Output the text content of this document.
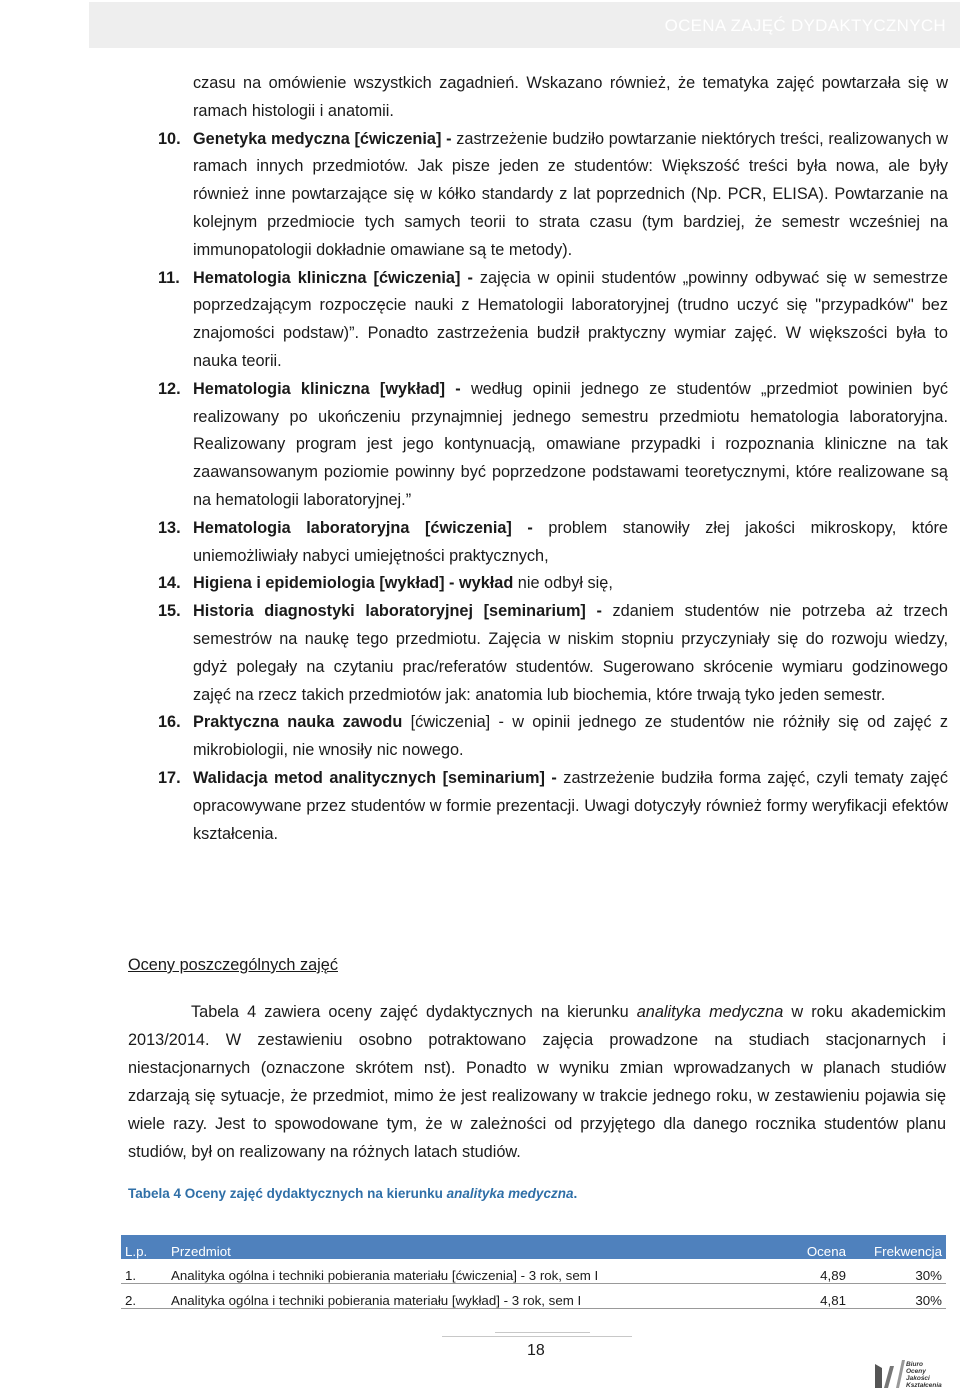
OCENA ZAJĘĆ DYDAKTYCZNYCH
czasu na omówienie wszystkich zagadnień. Wskazano również, że tematyka zajęć powtarzała się w ramach histologii i anatomii.
10. Genetyka medyczna [ćwiczenia] - zastrzeżenie budziło powtarzanie niektórych treści, realizowanych w ramach innych przedmiotów. Jak pisze jeden ze studentów: Większość treści była nowa, ale były również inne powtarzające się w kółko standardy z lat poprzednich (Np. PCR, ELISA). Powtarzanie na kolejnym przedmiocie tych samych teorii to strata czasu (tym bardziej, że semestr wcześniej na immunopatologii dokładnie omawiane są te metody).
11. Hematologia kliniczna [ćwiczenia] - zajęcia w opinii studentów „powinny odbywać się w semestrze poprzedzającym rozpoczęcie nauki z Hematologii laboratoryjnej (trudno uczyć się "przypadków" bez znajomości podstaw)”. Ponadto zastrzeżenia budził praktyczny wymiar zajęć. W większości była to nauka teorii.
12. Hematologia kliniczna [wykład] - według opinii jednego ze studentów „przedmiot powinien być realizowany po ukończeniu przynajmniej jednego semestru przedmiotu hematologia laboratoryjna. Realizowany program jest jego kontynuacją, omawiane przypadki i rozpoznania kliniczne na tak zaawansowanym poziomie powinny być poprzedzone podstawami teoretycznymi, które realizowane są na hematologii laboratoryjnej.”
13. Hematologia laboratoryjna [ćwiczenia] - problem stanowiły złej jakości mikroskopy, które uniemożliwiały nabyci umiejętności praktycznych,
14. Higiena i epidemiologia [wykład] - wykład nie odbył się,
15. Historia diagnostyki laboratoryjnej [seminarium] - zdaniem studentów nie potrzeba aż trzech semestrów na naukę tego przedmiotu. Zajęcia w niskim stopniu przyczyniały się do rozwoju wiedzy, gdyż polegały na czytaniu prac/referatów studentów. Sugerowano skrócenie wymiaru godzinowego zajęć na rzecz takich przedmiotów jak: anatomia lub biochemia, które trwają tyko jeden semestr.
16. Praktyczna nauka zawodu [ćwiczenia] - w opinii jednego ze studentów nie różniły się od zajęć z mikrobiologii, nie wnosiły nic nowego.
17. Walidacja metod analitycznych [seminarium] - zastrzeżenie budziła forma zajęć, czyli tematy zajęć opracowywane przez studentów w formie prezentacji. Uwagi dotyczyły również formy weryfikacji efektów kształcenia.
Oceny poszczególnych zajęć

Tabela 4 zawiera oceny zajęć dydaktycznych na kierunku analityka medyczna w roku akademickim 2013/2014. W zestawieniu osobno potraktowano zajęcia prowadzone na studiach stacjonarnych i niestacjonarnych (oznaczone skrótem nst). Ponadto w wyniku zmian wprowadzanych w planach studiów zdarzają się sytuacje, że przedmiot, mimo że jest realizowany w trakcie jednego roku, w zestawieniu pojawia się wiele razy. Jest to spowodowane tym, że w zależności od przyjętego dla danego rocznika studentów planu studiów, był on realizowany na różnych latach studiów.

Tabela 4 Oceny zajęć dydaktycznych na kierunku analityka medyczna.
L.p.	Przedmiot	Ocena	Frekwencja
1.	Analityka ogólna i techniki pobierania materiału [ćwiczenia] - 3 rok, sem I	4,89	30%
2.	Analityka ogólna i techniki pobierania materiału [wykład] - 3 rok, sem I	4,81	30%
18
Biuro
Oceny
Jakości
Kształcenia
